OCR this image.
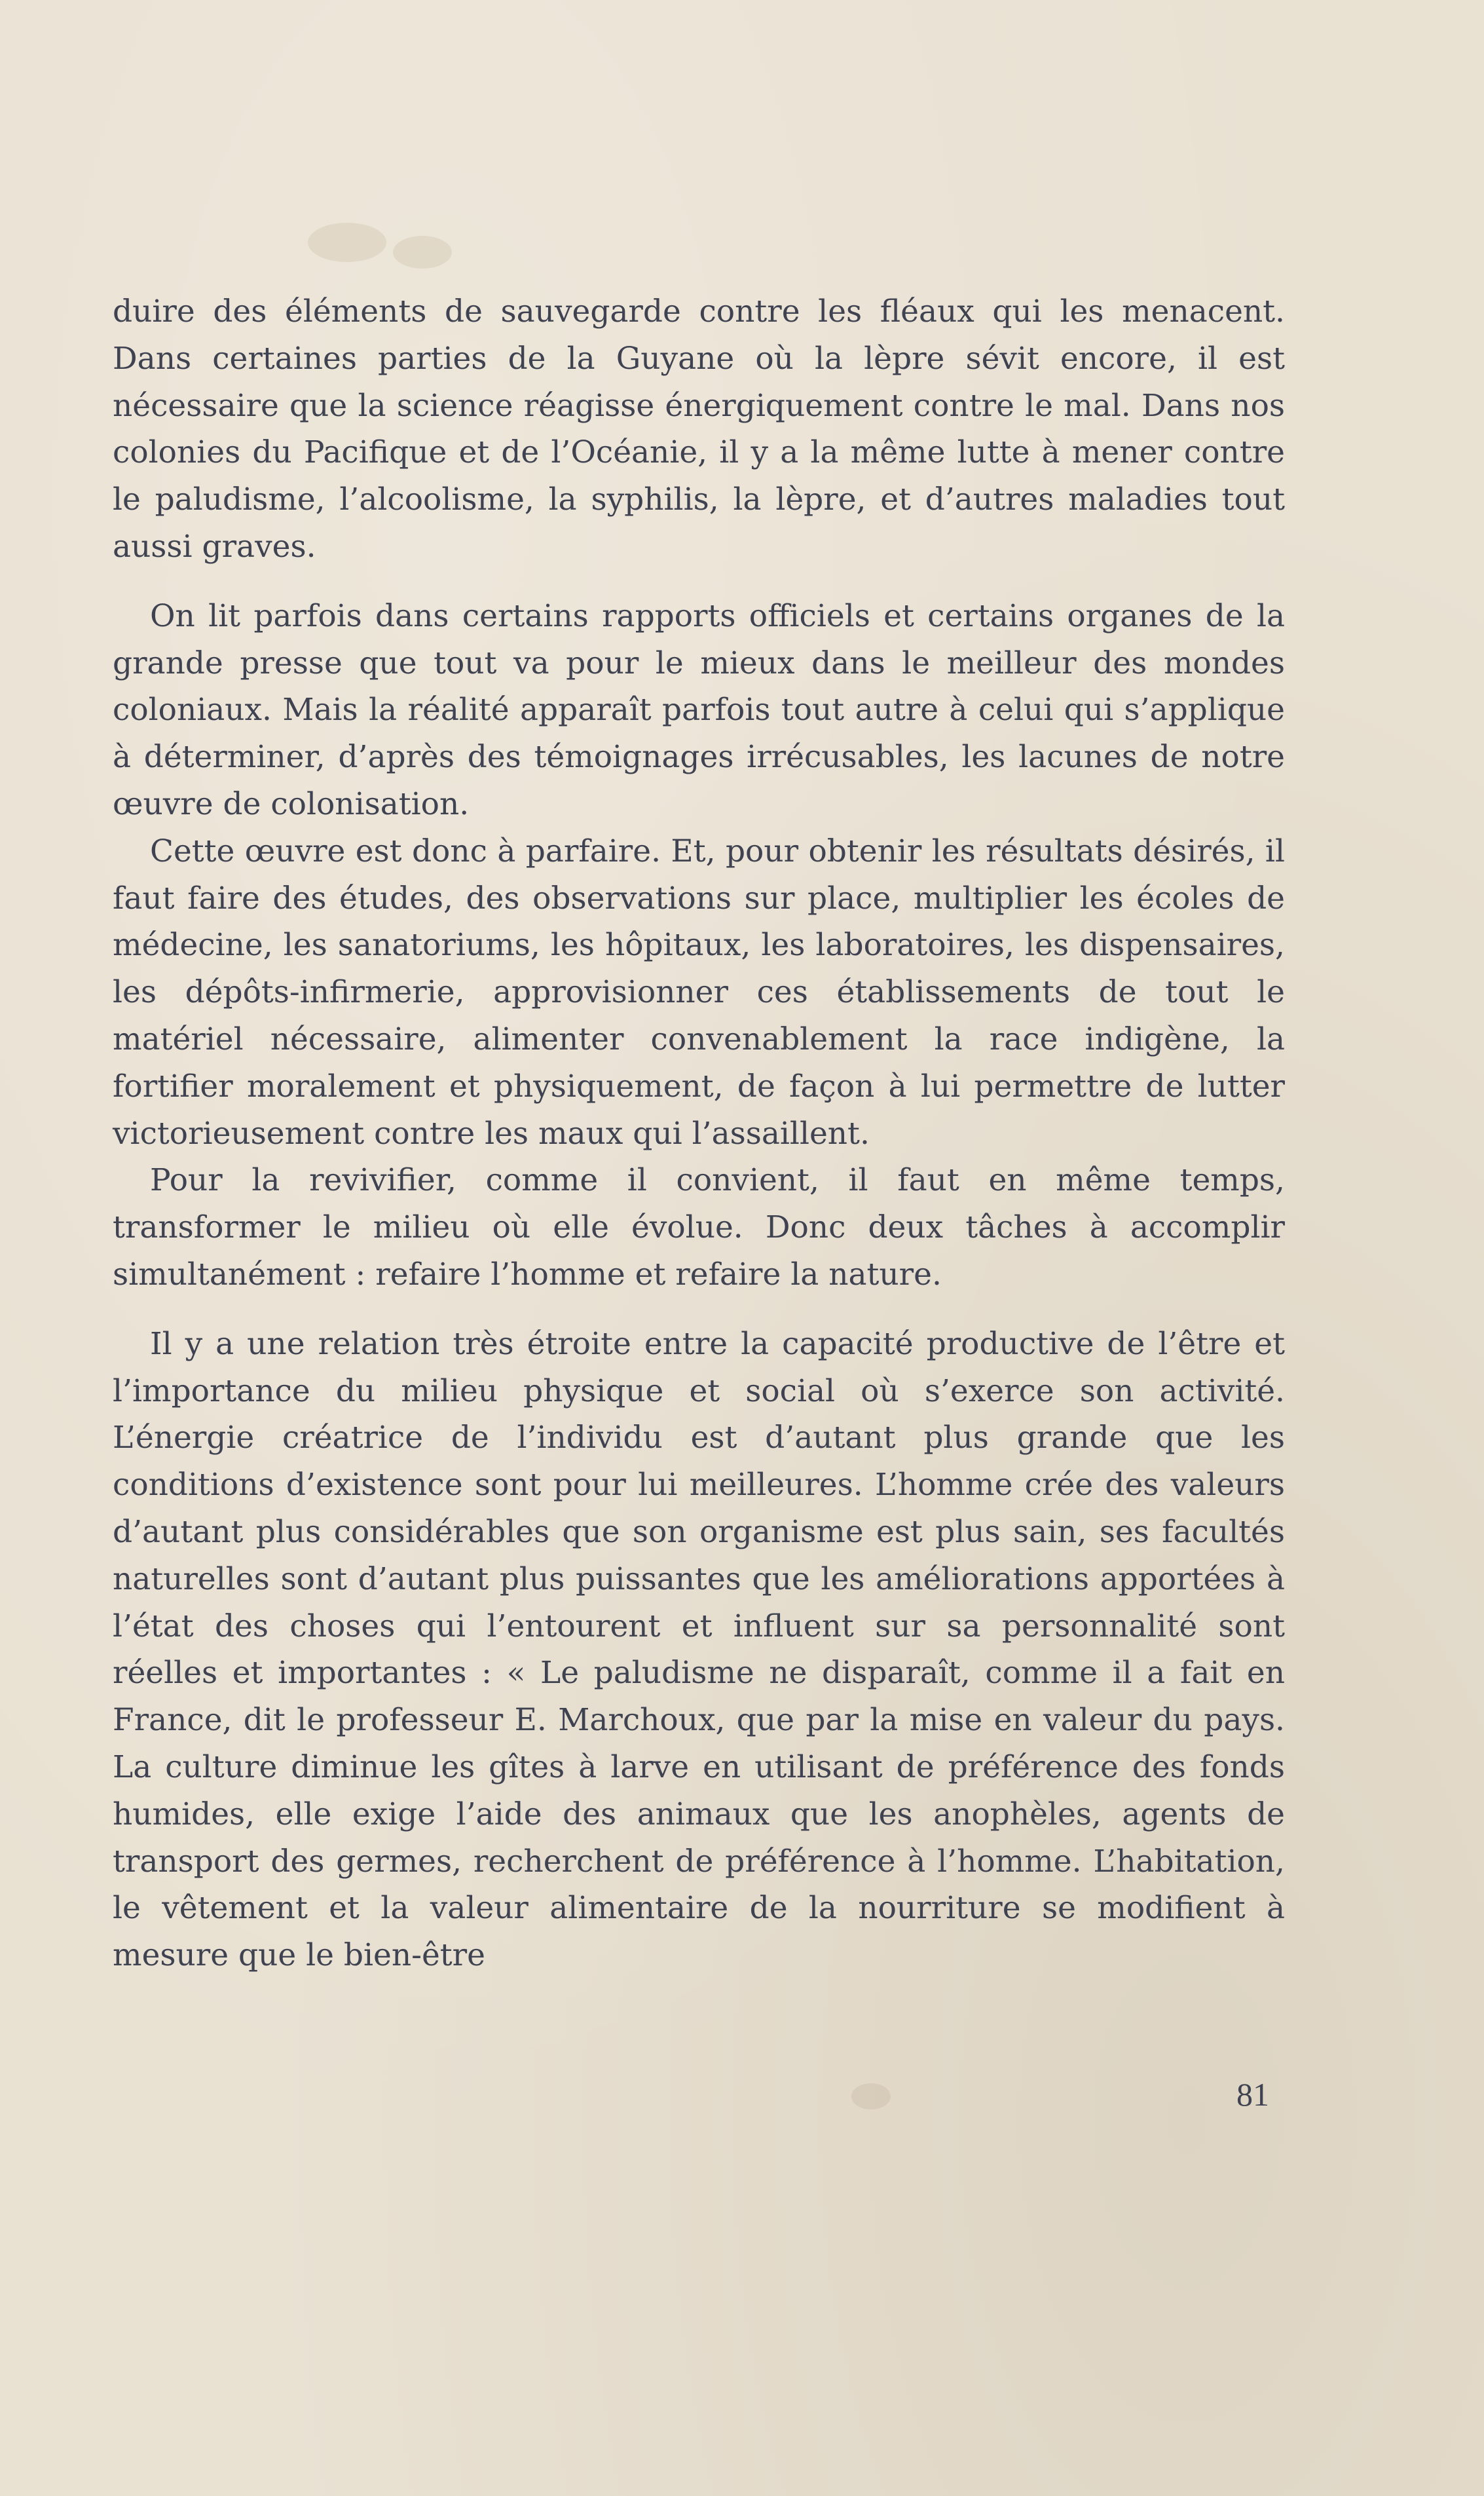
duire des éléments de sauvegarde contre les fléaux qui les menacent. Dans certaines parties de la Guyane où la lèpre sévit encore, il est nécessaire que la science réagisse énergiquement contre le mal. Dans nos colonies du Pacifique et de l’Océanie, il y a la même lutte à mener contre le paludisme, l’alcoolisme, la syphilis, la lèpre, et d’autres maladies tout aussi graves.

On lit parfois dans certains rapports officiels et certains organes de la grande presse que tout va pour le mieux dans le meilleur des mondes coloniaux. Mais la réalité apparaît parfois tout autre à celui qui s’applique à déterminer, d’après des témoignages irrécusables, les lacunes de notre œuvre de colonisation.

Cette œuvre est donc à parfaire. Et, pour obtenir les résultats désirés, il faut faire des études, des observations sur place, multiplier les écoles de médecine, les sanatoriums, les hôpitaux, les laboratoires, les dispensaires, les dépôts-infirmerie, approvisionner ces établissements de tout le matériel nécessaire, alimenter convenablement la race indigène, la fortifier moralement et physiquement, de façon à lui permettre de lutter victorieusement contre les maux qui l’assaillent.

Pour la revivifier, comme il convient, il faut en même temps, transformer le milieu où elle évolue. Donc deux tâches à accomplir simultanément : refaire l’homme et refaire la nature.

Il y a une relation très étroite entre la capacité productive de l’être et l’importance du milieu physique et social où s’exerce son activité. L’énergie créatrice de l’individu est d’autant plus grande que les conditions d’existence sont pour lui meilleures. L’homme crée des valeurs d’autant plus considérables que son organisme est plus sain, ses facultés naturelles sont d’autant plus puissantes que les améliorations apportées à l’état des choses qui l’entourent et influent sur sa personnalité sont réelles et importantes : « Le paludisme ne disparaît, comme il a fait en France, dit le professeur E. Marchoux, que par la mise en valeur du pays. La culture diminue les gîtes à larve en utilisant de préférence des fonds humides, elle exige l’aide des animaux que les anophèles, agents de transport des germes, recherchent de préférence à l’homme. L’habitation, le vêtement et la valeur alimentaire de la nourriture se modifient à mesure que le bien-être

81
